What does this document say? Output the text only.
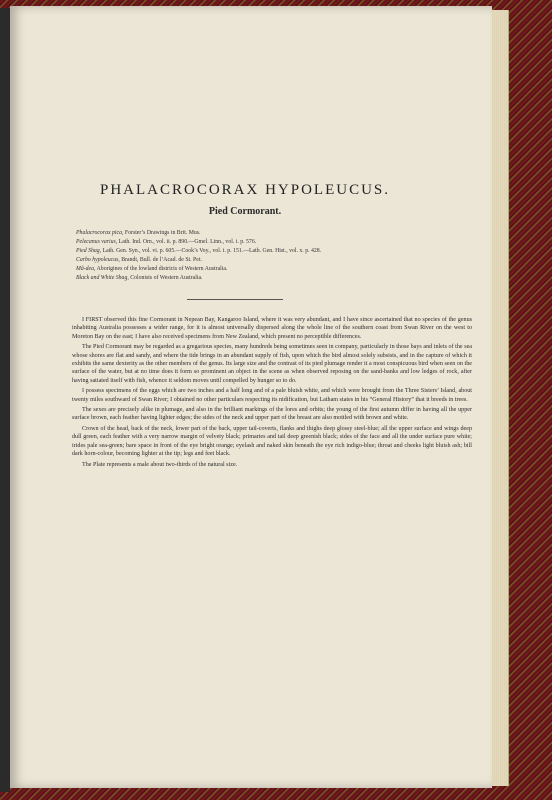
PHALACROCORAX HYPOLEUCUS.
Pied Cormorant.
Phalacrocorax pica, Forster’s Drawings in Brit. Mus.
Pelecanus varius, Lath. Ind. Orn., vol. ii. p. 890.—Gmel. Linn., vol. i. p. 576.
Pied Shag, Lath. Gen. Syn., vol. vi. p. 605.—Cook’s Voy., vol. i. p. 151.—Lath. Gen. Hist., vol. x. p. 428.
Carbo hypoleucus, Brandt, Bull. de l’Acad. de St. Pet.
Mă-dea, Aborigines of the lowland districts of Western Australia.
Black and White Shag, Colonists of Western Australia.

I FIRST observed this fine Cormorant in Nepean Bay, Kangaroo Island, where it was very abundant, and I have since ascertained that no species of the genus inhabiting Australia possesses a wider range, for it is almost universally dispersed along the whole line of the southern coast from Swan River on the west to Moreton Bay on the east; I have also received specimens from New Zealand, which present no perceptible differences.

The Pied Cormorant may be regarded as a gregarious species, many hundreds being sometimes seen in company, particularly in those bays and inlets of the sea whose shores are flat and sandy, and where the tide brings in an abundant supply of fish, upon which the bird almost solely subsists, and in the capture of which it exhibits the same dexterity as the other members of the genus. Its large size and the contrast of its pied plumage render it a most conspicuous bird when seen on the surface of the water, but at no time does it form so prominent an object in the scene as when observed reposing on the sand-banks and low ledges of rock, after having satiated itself with fish, whence it seldom moves until compelled by hunger so to do.

I possess specimens of the eggs which are two inches and a half long and of a pale bluish white, and which were brought from the Three Sisters’ Island, about twenty miles southward of Swan River; I obtained no other particulars respecting its nidification, but Latham states in his “General History” that it breeds in trees.

The sexes are precisely alike in plumage, and also in the brilliant markings of the lores and orbits; the young of the first autumn differ in having all the upper surface brown, each feather having lighter edges; the sides of the neck and upper part of the breast are also mottled with brown and white.

Crown of the head, back of the neck, lower part of the back, upper tail-coverts, flanks and thighs deep glossy steel-blue; all the upper surface and wings deep dull green, each feather with a very narrow margin of velvety black; primaries and tail deep greenish black; sides of the face and all the under surface pure white; irides pale sea-green; bare space in front of the eye bright orange; eyelash and naked skin beneath the eye rich indigo-blue; throat and cheeks light bluish ash; bill dark horn-colour, becoming lighter at the tip; legs and feet black.

The Plate represents a male about two-thirds of the natural size.
